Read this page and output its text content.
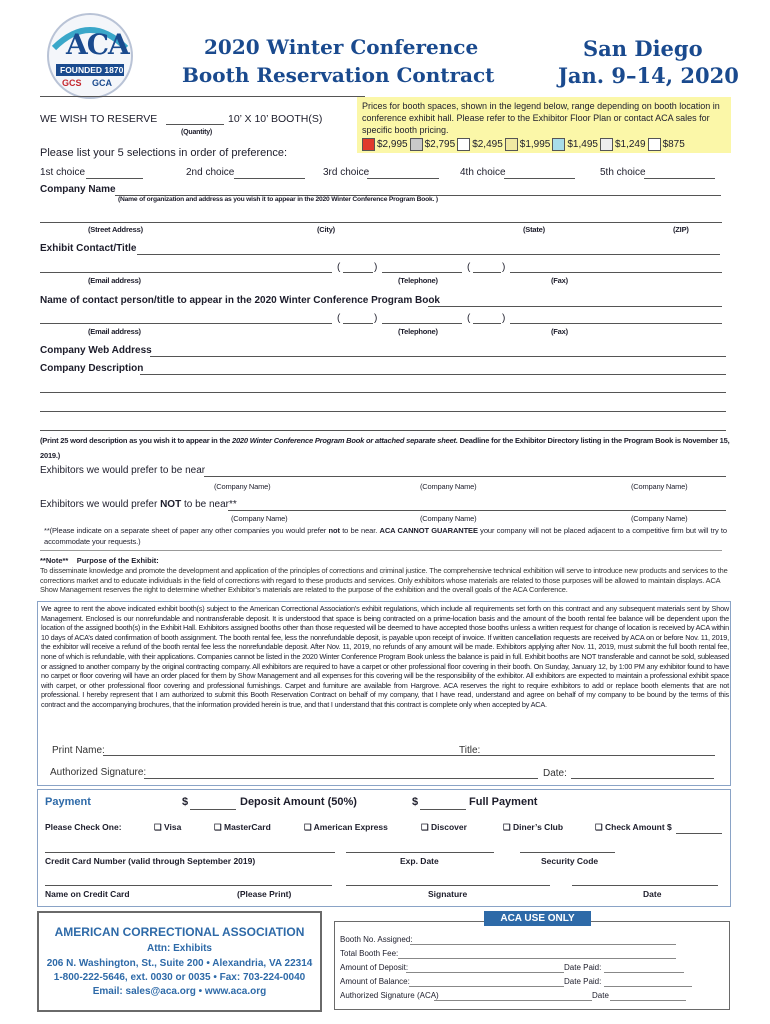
ACA
FOUNDED 1870
GCS GCA
2020 Winter Conference
Booth Reservation Contract
San Diego
Jan. 9–14, 2020
Prices for booth spaces, shown in the legend below, range depending on booth location in conference exhibit hall. Please refer to the Exhibitor Floor Plan or contact ACA sales for specific booth pricing.
$2,995 $2,795 $2,495 $1,995 $1,495 $1,249 $875
WE WISH TO RESERVE	10’ X 10’ BOOTH(S)
(Quantity)
Please list your 5 selections in order of preference:
1st choice	2nd choice	3rd choice	4th choice	5th choice
Company Name
(Name of organization and address as you wish it to appear in the 2020 Winter Conference Program Book. )
(Street Address)	(City)	(State)	(ZIP)
Exhibit Contact/Title
(	)	(	)
(Email address)	(Telephone)	(Fax)
Name of contact person/title to appear in the 2020 Winter Conference Program Book
(	)	(	)
(Email address)	(Telephone)	(Fax)
Company Web Address
Company Description
(Print 25 word description as you wish it to appear in the 2020 Winter Conference Program Book or attached separate sheet. Deadline for the Exhibitor Directory listing in the Program Book is November 15, 2019.)
Exhibitors we would prefer to be near
(Company Name)	(Company Name)	(Company Name)
Exhibitors we would prefer NOT to be near**
(Company Name)	(Company Name)	(Company Name)
**(Please indicate on a separate sheet of paper any other companies you would prefer not to be near. ACA CANNOT GUARANTEE your company will not be placed adjacent to a competitive firm but will try to accommodate your requests.)
**Note** Purpose of the Exhibit:
To disseminate knowledge and promote the development and application of the principles of corrections and criminal justice. The comprehensive technical exhibition will serve to introduce new products and services to the corrections market and to educate individuals in the field of corrections with regard to these products and services. Only exhibitors whose materials are related to those purposes will be allowed to maintain displays. ACA Show Management reserves the right to determine whether Exhibitor’s materials are related to the purpose of the exhibition and the overall goals of the ACA Conference.
We agree to rent the above indicated exhibit booth(s) subject to the American Correctional Association’s exhibit regulations, which include all requirements set forth on this contract and any subsequent materials sent by Show Management. Enclosed is our nonrefundable and nontransferable deposit. It is understood that space is being contracted on a prime-location basis and the amount of the booth rental fee balance will be dependent upon the location of the assigned booth(s) in the Exhibit Hall. Exhibitors assigned booths other than those requested will be deemed to have accepted those booths unless a written request for change of location is received by ACA within 10 days of ACA’s dated confirmation of booth assignment. The booth rental fee, less the nonrefundable deposit, is payable upon receipt of invoice. If written cancellation requests are received by ACA on or before Nov. 11, 2019, the exhibitor will receive a refund of the booth rental fee less the nonrefundable deposit. After Nov. 11, 2019, no refunds of any amount will be made. Exhibitors applying after Nov. 11, 2019, must submit the full booth rental fee, none of which is refundable, with their applications. Companies cannot be listed in the 2020 Winter Conference Program Book unless the balance is paid in full. Exhibit booths are NOT transferable and cannot be sold, subleased or assigned to another company by the original contracting company. All exhibitors are required to have a carpet or other professional floor covering in their booth. On Sunday, January 12, by 1:00 PM any exhibitor found to have no carpet or floor covering will have an order placed for them by Show Management and all expenses for this covering will be the responsibility of the exhibitor. All exhibitors are expected to maintain a professional exhibit space with carpet, or other professional floor covering and professional furnishings. Carpet and furniture are available from Hargrove. ACA reserves the right to require exhibitors to add or replace booth elements that are not professional. I hereby represent that I am authorized to submit this Booth Reservation Contract on behalf of my company, that I have read, understand and agree on behalf of my company to be bound by the terms of this contract and the accompanying brochures, that the information provided herein is true, and that I understand that this contract is complete only when accepted by ACA.
Print Name:	Title:
Authorized Signature:	Date:
Payment	$	Deposit Amount (50%)	$	Full Payment
Please Check One:	❏ Visa	❏ MasterCard	❏ American Express	❏ Discover	❏ Diner’s Club	❏ Check Amount $
Credit Card Number (valid through September 2019)	Exp. Date	Security Code
Name on Credit Card	(Please Print)	Signature	Date
AMERICAN CORRECTIONAL ASSOCIATION
Attn: Exhibits
206 N. Washington, St., Suite 200 • Alexandria, VA 22314
1-800-222-5646, ext. 0030 or 0035 • Fax: 703-224-0040
Email: sales@aca.org • www.aca.org
ACA USE ONLY
Booth No. Assigned:
Total Booth Fee:
Amount of Deposit:	Date Paid:
Amount of Balance:	Date Paid:
Authorized Signature (ACA)	Date
